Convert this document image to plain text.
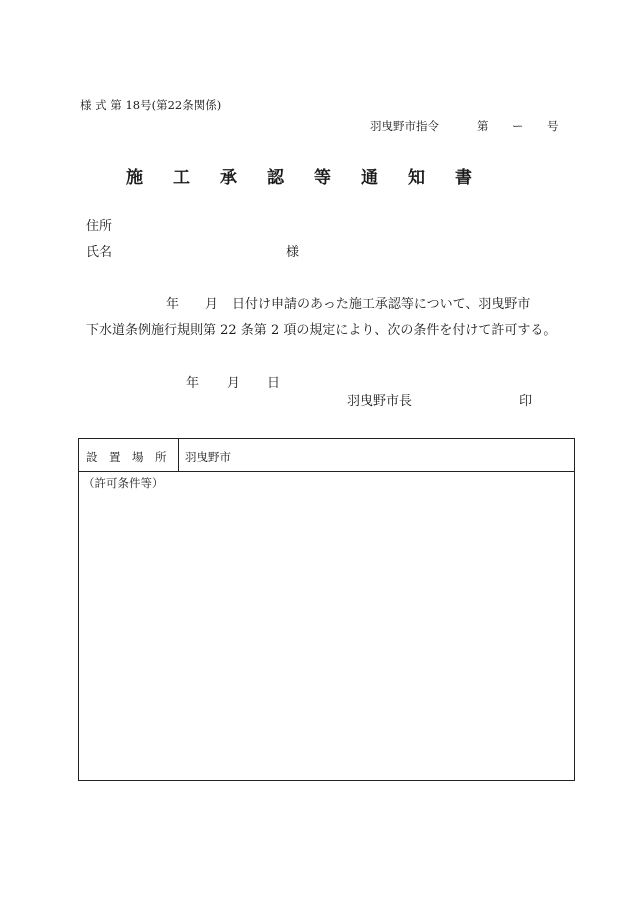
様 式 第 18号(第22条関係)
羽曳野市指令	第 ー 号
施 工 承 認 等 通 知 書
住所
氏名	様
年 月 日付け申請のあった施工承認等について、羽曳野市
下水道条例施行規則第 22 条第 2 項の規定により、次の条件を付けて許可する。
年 月 日
羽曳野市長	印
設　置　場　所 羽曳野市
（許可条件等）
